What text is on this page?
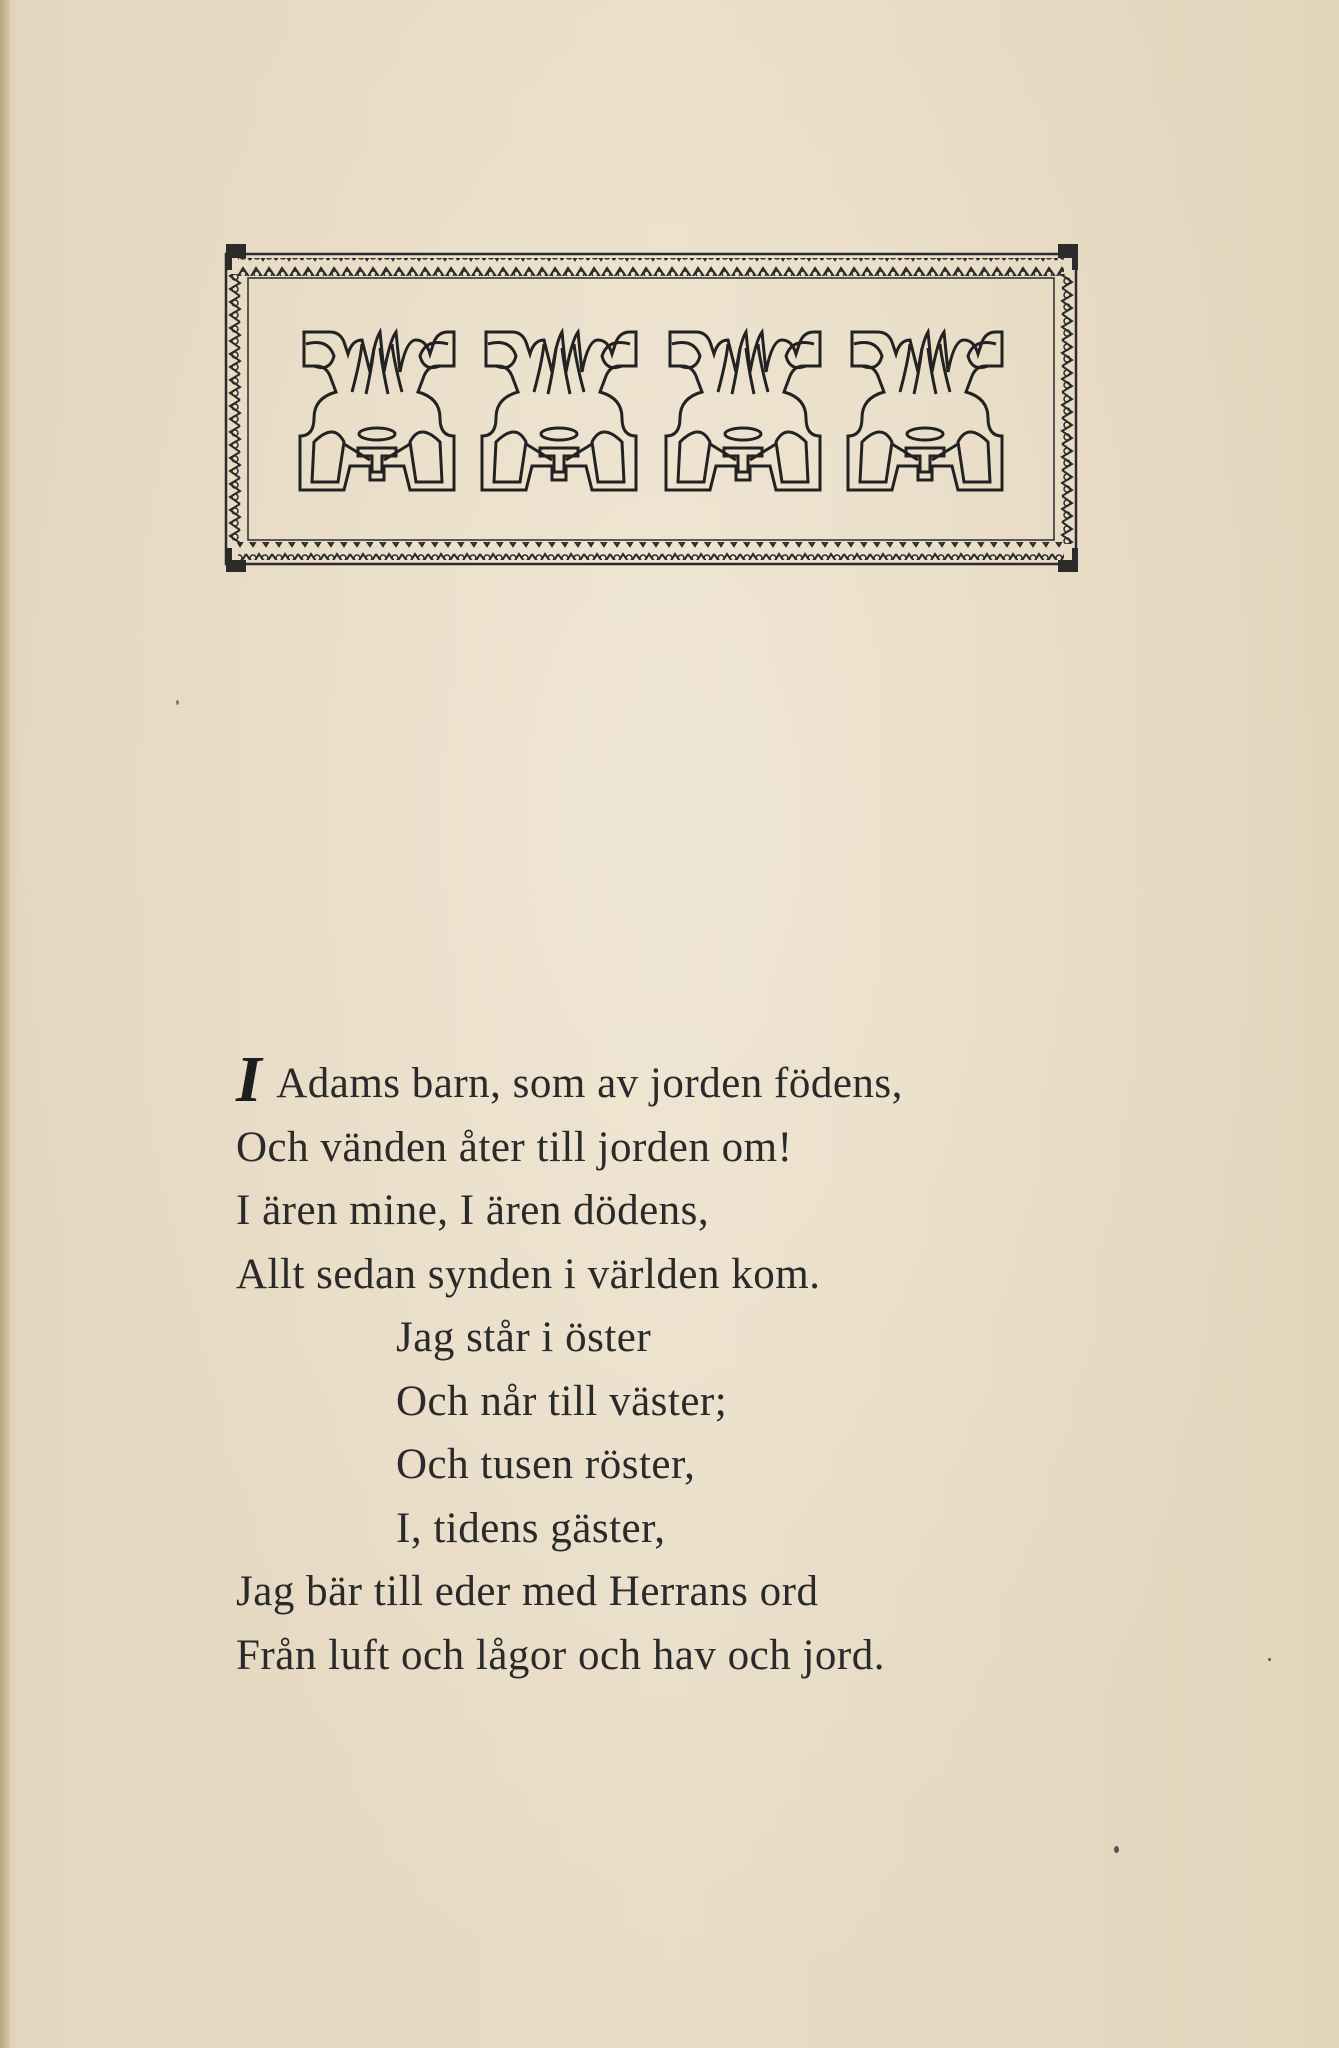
I Adams barn, som av jorden födens,
Och vänden åter till jorden om!
I ären mine, I ären dödens,
Allt sedan synden i världen kom.
Jag står i öster
Och når till väster;
Och tusen röster,
I, tidens gäster,
Jag bär till eder med Herrans ord
Från luft och lågor och hav och jord.
